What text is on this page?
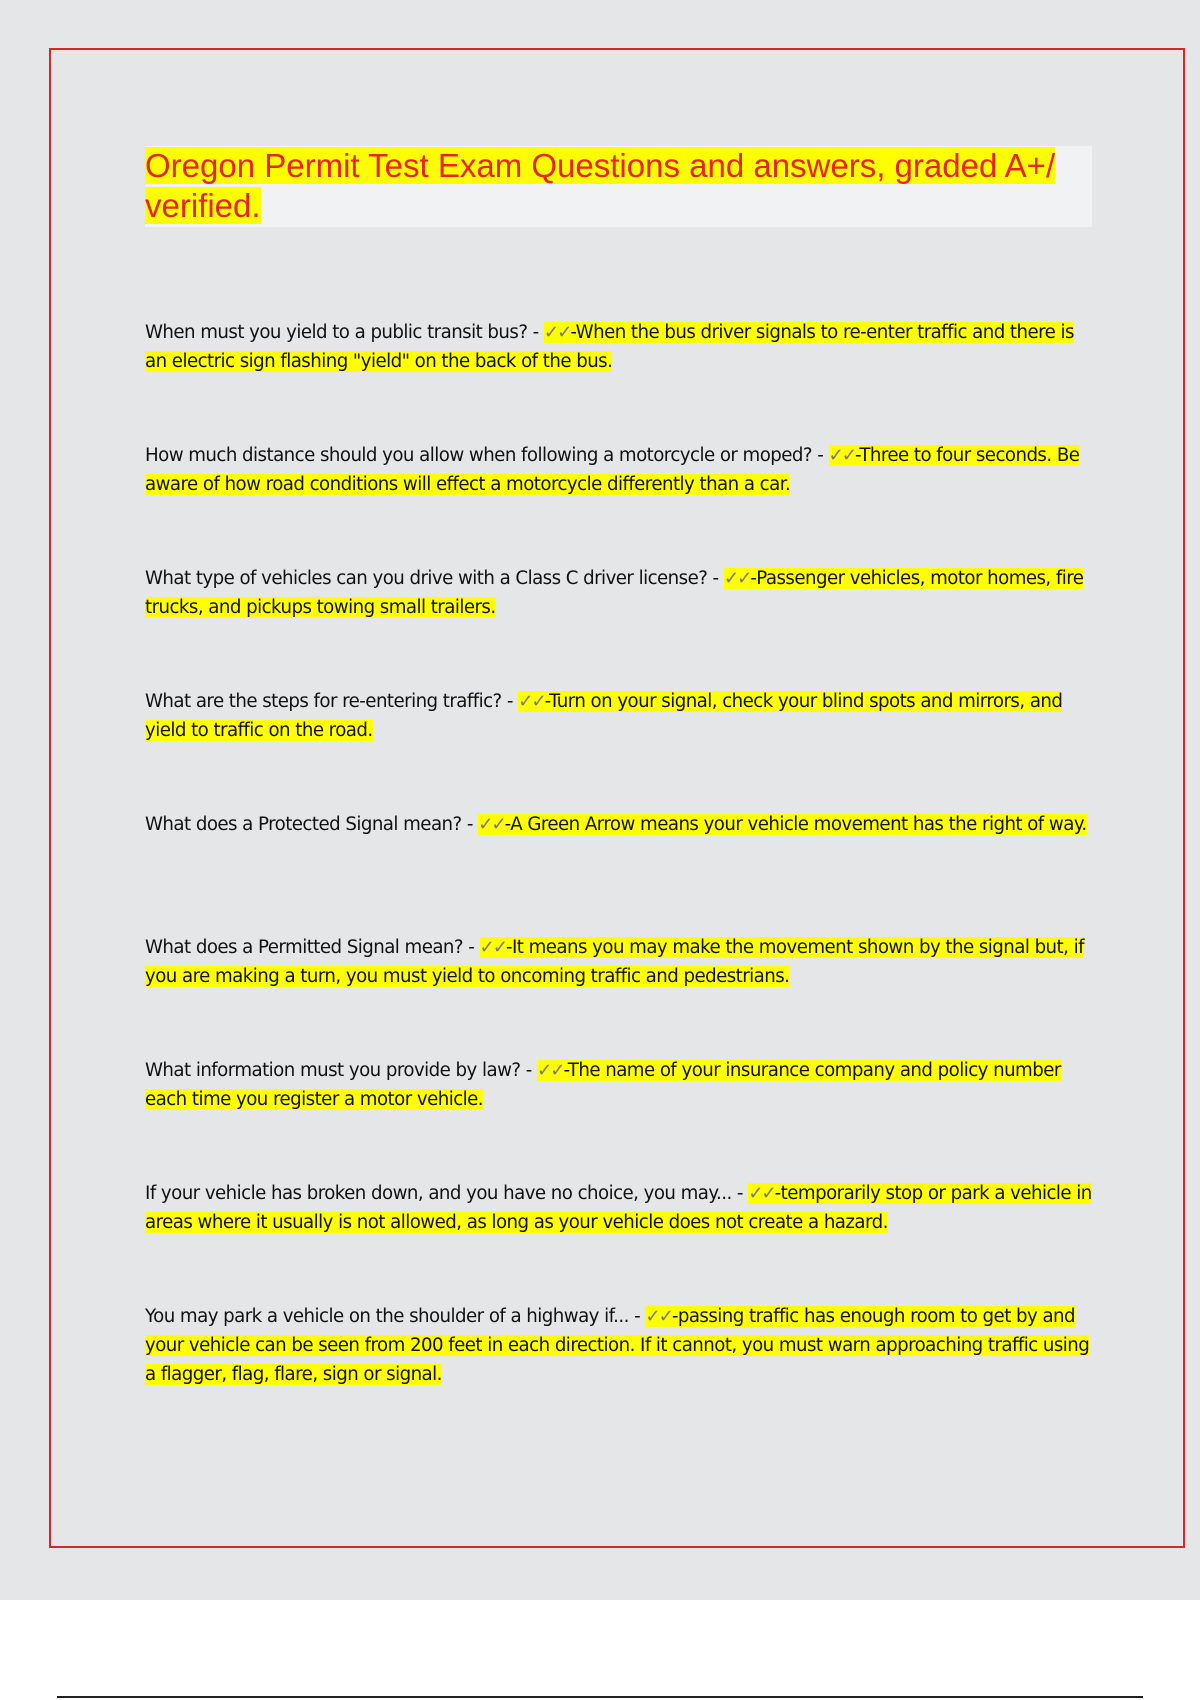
Oregon Permit Test Exam Questions and answers, graded A+/ verified.

When must you yield to a public transit bus? - ✓✓-When the bus driver signals to re-enter traffic and there is an electric sign flashing "yield" on the back of the bus.

How much distance should you allow when following a motorcycle or moped? - ✓✓-Three to four seconds. Be aware of how road conditions will effect a motorcycle differently than a car.

What type of vehicles can you drive with a Class C driver license? - ✓✓-Passenger vehicles, motor homes, fire trucks, and pickups towing small trailers.

What are the steps for re-entering traffic? - ✓✓-Turn on your signal, check your blind spots and mirrors, and yield to traffic on the road.

What does a Protected Signal mean? - ✓✓-A Green Arrow means your vehicle movement has the right of way.

What does a Permitted Signal mean? - ✓✓-It means you may make the movement shown by the signal but, if you are making a turn, you must yield to oncoming traffic and pedestrians.

What information must you provide by law? - ✓✓-The name of your insurance company and policy number each time you register a motor vehicle.

If your vehicle has broken down, and you have no choice, you may... - ✓✓-temporarily stop or park a vehicle in areas where it usually is not allowed, as long as your vehicle does not create a hazard.

You may park a vehicle on the shoulder of a highway if... - ✓✓-passing traffic has enough room to get by and your vehicle can be seen from 200 feet in each direction. If it cannot, you must warn approaching traffic using a flagger, flag, flare, sign or signal.
